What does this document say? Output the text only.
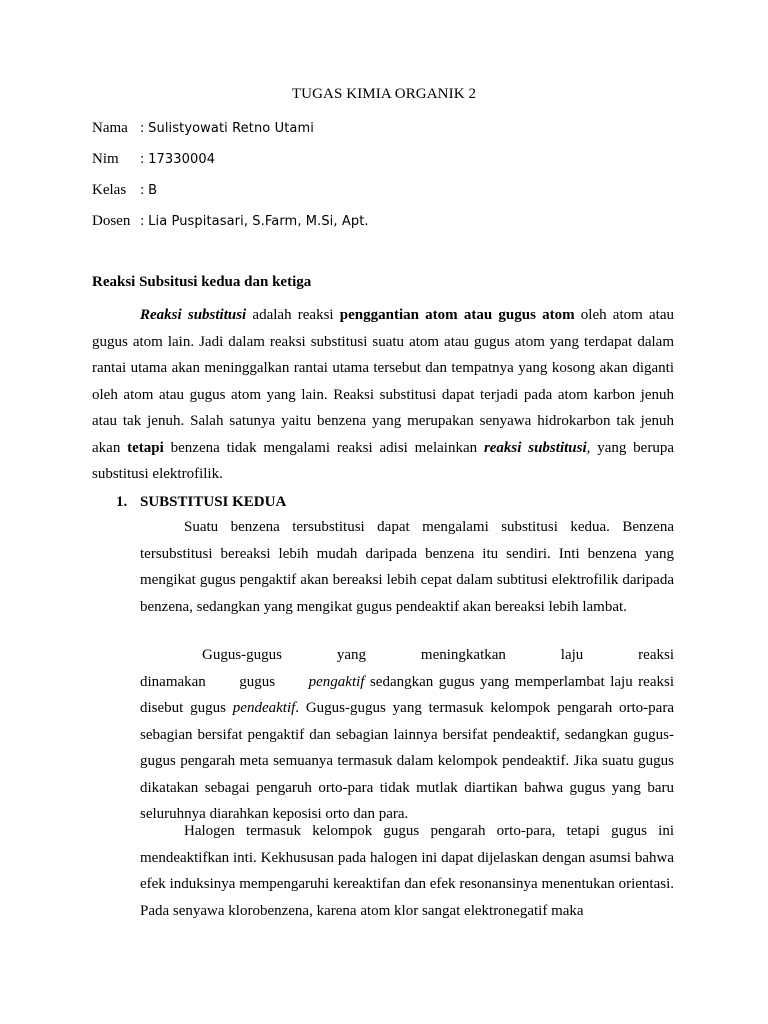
TUGAS KIMIA ORGANIK 2
Nama : Sulistyowati Retno Utami
Nim : 17330004
Kelas : B
Dosen : Lia Puspitasari, S.Farm, M.Si, Apt.
Reaksi Subsitusi kedua dan ketiga

Reaksi substitusi adalah reaksi penggantian atom atau gugus atom oleh atom atau gugus atom lain. Jadi dalam reaksi substitusi suatu atom atau gugus atom yang terdapat dalam rantai utama akan meninggalkan rantai utama tersebut dan tempatnya yang kosong akan diganti oleh atom atau gugus atom yang lain. Reaksi substitusi dapat terjadi pada atom karbon jenuh atau tak jenuh. Salah satunya yaitu benzena yang merupakan senyawa hidrokarbon tak jenuh akan tetapi benzena tidak mengalami reaksi adisi melainkan reaksi substitusi, yang berupa substitusi elektrofilik.

1. SUBSTITUSI KEDUA

Suatu benzena tersubstitusi dapat mengalami substitusi kedua. Benzena tersubstitusi bereaksi lebih mudah daripada benzena itu sendiri. Inti benzena yang mengikat gugus pengaktif akan bereaksi lebih cepat dalam subtitusi elektrofilik daripada benzena, sedangkan yang mengikat gugus pendeaktif akan bereaksi lebih lambat.

Gugus-gugus yang meningkatkan laju reaksi dinamakan gugus pengaktif sedangkan gugus yang memperlambat laju reaksi disebut gugus pendeaktif. Gugus-gugus yang termasuk kelompok pengarah orto-para sebagian bersifat pengaktif dan sebagian lainnya bersifat pendeaktif, sedangkan gugus-gugus pengarah meta semuanya termasuk dalam kelompok pendeaktif. Jika suatu gugus dikatakan sebagai pengaruh orto-para tidak mutlak diartikan bahwa gugus yang baru seluruhnya diarahkan keposisi orto dan para.

Halogen termasuk kelompok gugus pengarah orto-para, tetapi gugus ini mendeaktifkan inti. Kekhususan pada halogen ini dapat dijelaskan dengan asumsi bahwa efek induksinya mempengaruhi kereaktifan dan efek resonansinya menentukan orientasi. Pada senyawa klorobenzena, karena atom klor sangat elektronegatif maka
